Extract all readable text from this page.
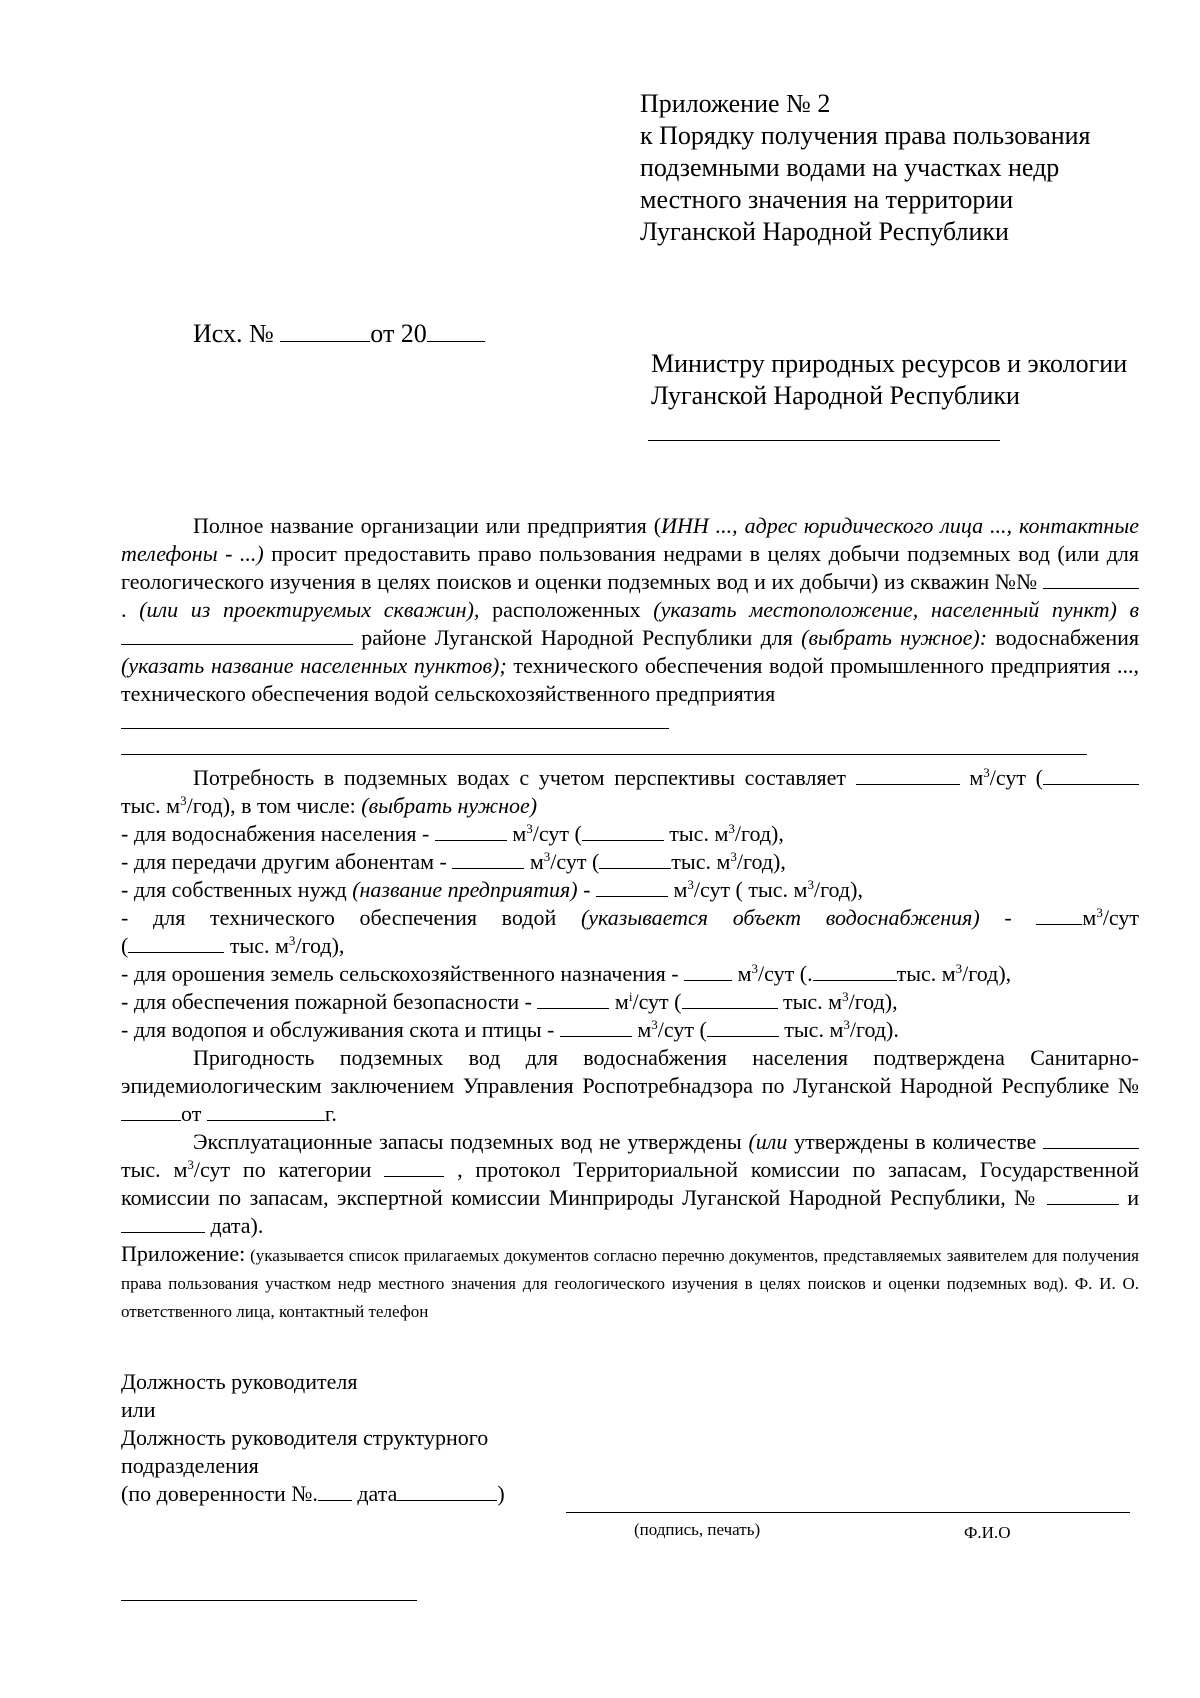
Приложение № 2
к Порядку получения права пользования
подземными водами на участках недр
местного значения на территории
Луганской Народной Республики
Исх. №	от 20
Министру природных ресурсов и экологии
Луганской Народной Республики

Полное название организации или предприятия (ИНН ..., адрес юридического лица ..., контактные телефоны - ...) просит предоставить право пользования недрами в целях добычи подземных вод (или для геологического изучения в целях поисков и оценки подземных вод и их добычи) из скважин №№ . (или из проектируемых скважин), расположенных (указать местоположение, населенный пункт) в районе Луганской Народной Республики для (выбрать нужное): водоснабжения (указать название населенных пунктов); технического обеспечения водой промышленного предприятия ..., технического обеспечения водой сельскохозяйственного предприятия

Потребность в подземных водах с учетом перспективы составляет	$м^3$/сут ( тыс. $м^3/год$), в том числе: (выбрать нужное)

- для водоснабжения населения -	$м^3$/сут (	тыс. $м^3/год$),

- для передачи другим абонентам -	$м^3$/сут (	тыс. $м^3/год$),

- для собственных нужд (название предприятия) -	$м^3$/сут ( тыс. $м^3/год$),

- для технического обеспечения водой (указывается объект водоснабжения) - $м^3$/сут

(	тыс. $м^3/год$),

- для орошения земель сельскохозяйственного назначения -  $м^3$/сут (.	тыс. $м^3/год$),

- для обеспечения пожарной безопасности -	$м^i$/сут (	тыс. $м^3/год$),

- для водопоя и обслуживания скота и птицы -	$м^3$/сут (	тыс. $м^3/год$).

Пригодность подземных вод для водоснабжения населения подтверждена Санитарно-эпидемиологическим заключением Управления Роспотребнадзора по Луганской Народной Республике № от	г.

Эксплуатационные запасы подземных вод не утверждены (или утверждены в количестве  тыс. $м^3$/сут по категории	, протокол Территориальной комиссии по запасам, Государственной комиссии по запасам, экспертной комиссии Минприроды Луганской Народной Республики, №	и  дата).

Приложение: (указывается список прилагаемых документов согласно перечню документов, представляемых заявителем для получения права пользования участком недр местного значения для геологического изучения в целях поисков и оценки подземных вод). Ф. И. О. ответственного лица, контактный телефон

Должность руководителя
или
Должность руководителя структурного
подразделения
(по доверенности №. дата	)
(подпись, печать)	Ф.И.О
